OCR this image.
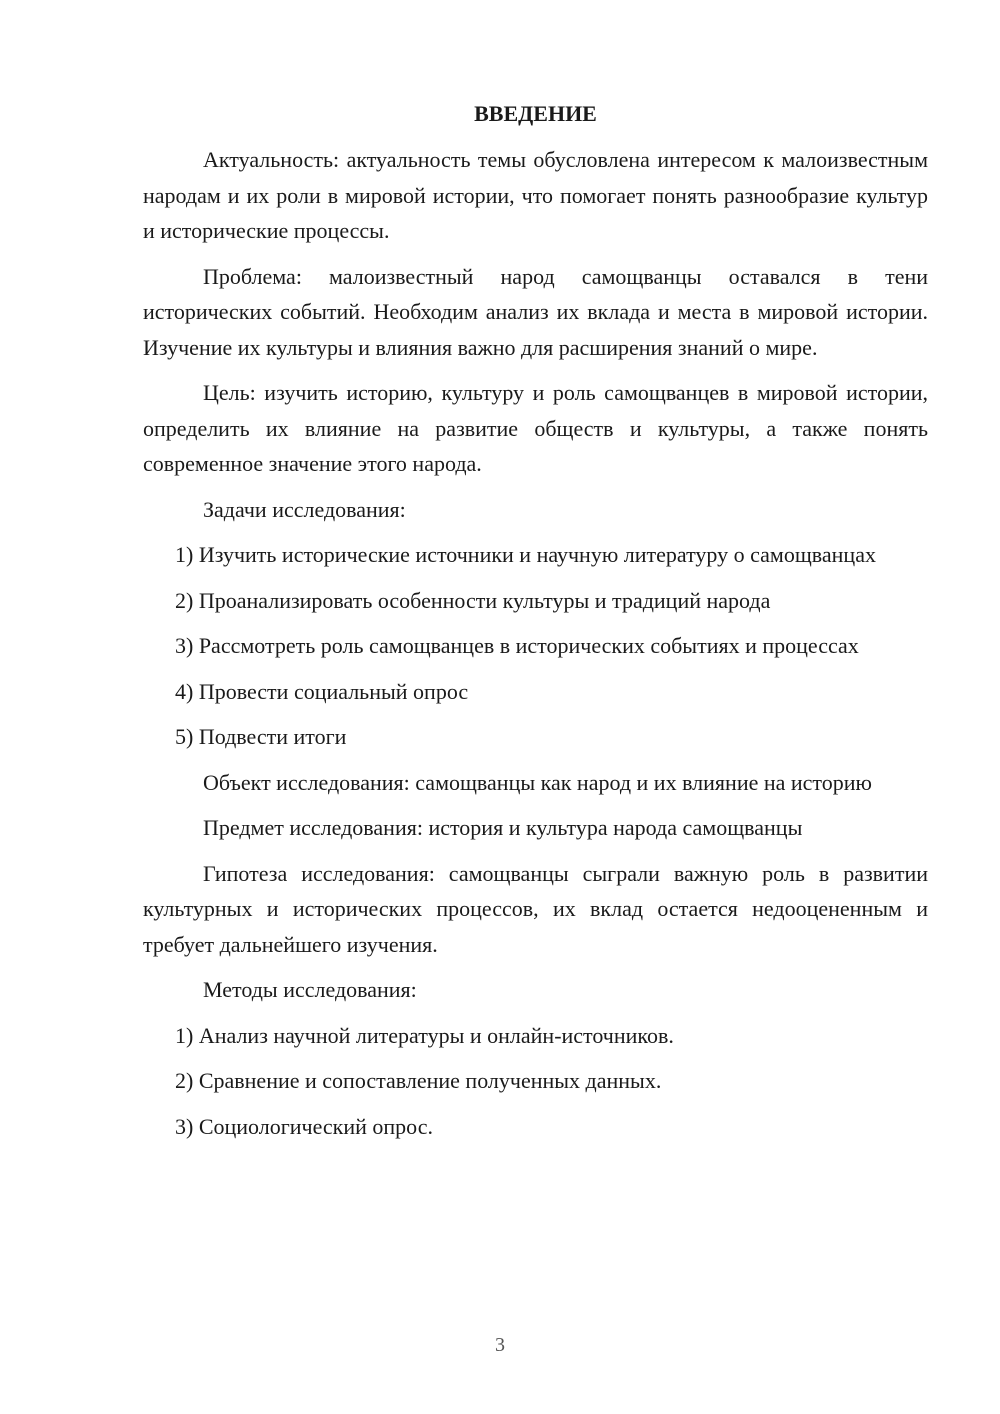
ВВЕДЕНИЕ

Актуальность: актуальность темы обусловлена интересом к малоизвестным народам и их роли в мировой истории, что помогает понять разнообразие культур и исторические процессы.

Проблема: малоизвестный народ самощванцы оставался в тени исторических событий. Необходим анализ их вклада и места в мировой истории. Изучение их культуры и влияния важно для расширения знаний о мире.

Цель: изучить историю, культуру и роль самощванцев в мировой истории, определить их влияние на развитие обществ и культуры, а также понять современное значение этого народа.

Задачи исследования:

1) Изучить исторические источники и научную литературу о самощванцах

2) Проанализировать особенности культуры и традиций народа

3) Рассмотреть роль самощванцев в исторических событиях и процессах

4) Провести социальный опрос

5) Подвести итоги

Объект исследования: самощванцы как народ и их влияние на историю

Предмет исследования: история и культура народа самощванцы

Гипотеза исследования: самощванцы сыграли важную роль в развитии культурных и исторических процессов, их вклад остается недооцененным и требует дальнейшего изучения.

Методы исследования:

1) Анализ научной литературы и онлайн-источников.

2) Сравнение и сопоставление полученных данных.

3) Социологический опрос.

3
